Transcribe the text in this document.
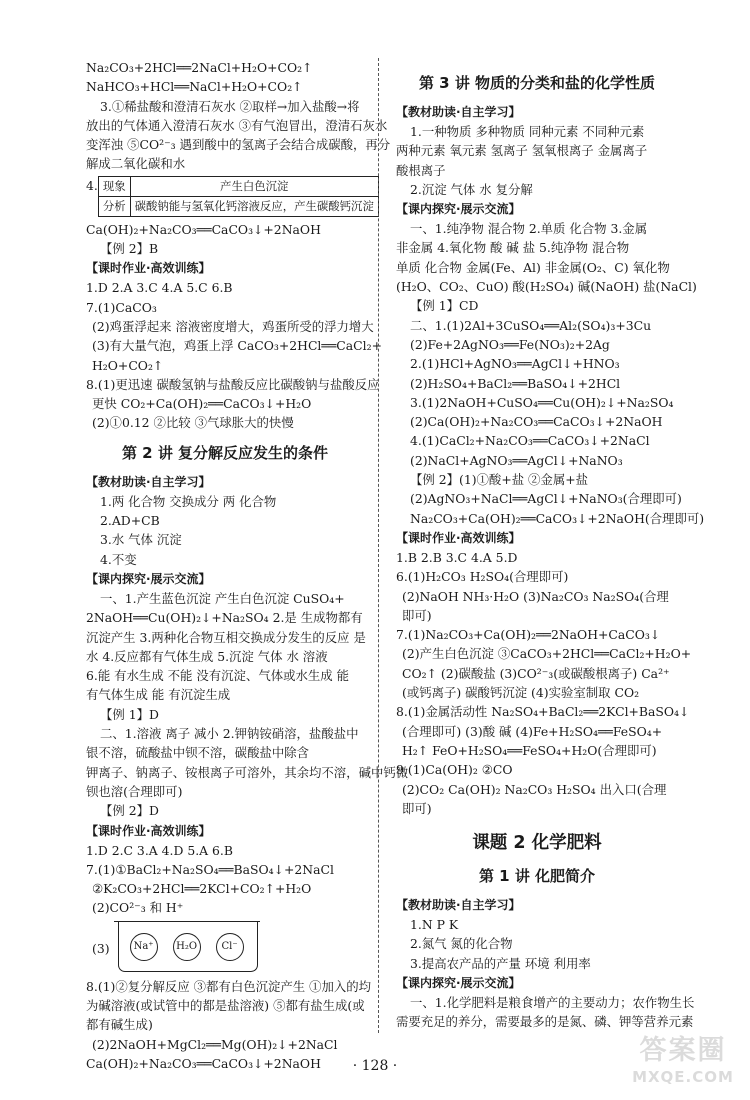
Na₂CO₃+2HCl══2NaCl+H₂O+CO₂↑
NaHCO₃+HCl══NaCl+H₂O+CO₂↑
3.①稀盐酸和澄清石灰水 ②取样→加入盐酸→将
放出的气体通入澄清石灰水 ③有气泡冒出，澄清石灰水
变浑浊 ⑤CO²⁻₃ 遇到酸中的氢离子会结合成碳酸，再分
解成二氧化碳和水
4. 现象	产生白色沉淀
分析	碳酸钠能与氢氧化钙溶液反应，产生碳酸钙沉淀
Ca(OH)₂+Na₂CO₃══CaCO₃↓+2NaOH
【例 2】B
【课时作业·高效训练】
1.D 2.A 3.C 4.A 5.C 6.B
7.(1)CaCO₃
(2)鸡蛋浮起来 溶液密度增大，鸡蛋所受的浮力增大
(3)有大量气泡，鸡蛋上浮 CaCO₃+2HCl══CaCl₂+
H₂O+CO₂↑
8.(1)更迅速 碳酸氢钠与盐酸反应比碳酸钠与盐酸反应
更快 CO₂+Ca(OH)₂══CaCO₃↓+H₂O
(2)①0.12 ②比较 ③气球胀大的快慢
第 2 讲 复分解反应发生的条件
【教材助读·自主学习】
1.两 化合物 交换成分 两 化合物
2.AD+CB
3.水 气体 沉淀
4.不变
【课内探究·展示交流】
一、1.产生蓝色沉淀 产生白色沉淀 CuSO₄+
2NaOH══Cu(OH)₂↓+Na₂SO₄ 2.是 生成物都有
沉淀产生 3.两种化合物互相交换成分发生的反应 是
水 4.反应都有气体生成 5.沉淀 气体 水 溶液
6.能 有水生成 不能 没有沉淀、气体或水生成 能
有气体生成 能 有沉淀生成
【例 1】D
二、1.溶液 离子 减小 2.钾钠铵硝溶，盐酸盐中
银不溶，硫酸盐中钡不溶，碳酸盐中除含
钾离子、钠离子、铵根离子可溶外，其余均不溶，碱中钙微
钡也溶(合理即可)
【例 2】D
【课时作业·高效训练】
1.D 2.C 3.A 4.D 5.A 6.B
7.(1)①BaCl₂+Na₂SO₄══BaSO₄↓+2NaCl
②K₂CO₃+2HCl══2KCl+CO₂↑+H₂O
(2)CO²⁻₃ 和 H⁺
(3)	Na⁺	H₂O	Cl⁻
8.(1)②复分解反应 ③都有白色沉淀产生 ①加入的均
为碱溶液(或试管中的都是盐溶液) ⑤都有盐生成(或
都有碱生成)
(2)2NaOH+MgCl₂══Mg(OH)₂↓+2NaCl
Ca(OH)₂+Na₂CO₃══CaCO₃↓+2NaOH
第 3 讲 物质的分类和盐的化学性质
【教材助读·自主学习】
1.一种物质 多种物质 同种元素 不同种元素
两种元素 氧元素 氢离子 氢氧根离子 金属离子
酸根离子
2.沉淀 气体 水 复分解
【课内探究·展示交流】
一、1.纯净物 混合物 2.单质 化合物 3.金属
非金属 4.氧化物 酸 碱 盐 5.纯净物 混合物
单质 化合物 金属(Fe、Al) 非金属(O₂、C) 氧化物
(H₂O、CO₂、CuO) 酸(H₂SO₄) 碱(NaOH) 盐(NaCl)
【例 1】CD
二、1.(1)2Al+3CuSO₄══Al₂(SO₄)₃+3Cu
(2)Fe+2AgNO₃══Fe(NO₃)₂+2Ag
2.(1)HCl+AgNO₃══AgCl↓+HNO₃
(2)H₂SO₄+BaCl₂══BaSO₄↓+2HCl
3.(1)2NaOH+CuSO₄══Cu(OH)₂↓+Na₂SO₄
(2)Ca(OH)₂+Na₂CO₃══CaCO₃↓+2NaOH
4.(1)CaCl₂+Na₂CO₃══CaCO₃↓+2NaCl
(2)NaCl+AgNO₃══AgCl↓+NaNO₃
【例 2】(1)①酸+盐 ②金属+盐
(2)AgNO₃+NaCl══AgCl↓+NaNO₃(合理即可)
Na₂CO₃+Ca(OH)₂══CaCO₃↓+2NaOH(合理即可)
【课时作业·高效训练】
1.B 2.B 3.C 4.A 5.D
6.(1)H₂CO₃ H₂SO₄(合理即可)
(2)NaOH NH₃·H₂O (3)Na₂CO₃ Na₂SO₄(合理
即可)
7.(1)Na₂CO₃+Ca(OH)₂══2NaOH+CaCO₃↓
(2)产生白色沉淀 ③CaCO₃+2HCl══CaCl₂+H₂O+
CO₂↑ (2)碳酸盐 (3)CO²⁻₃(或碳酸根离子) Ca²⁺
(或钙离子) 碳酸钙沉淀 (4)实验室制取 CO₂
8.(1)金属活动性 Na₂SO₄+BaCl₂══2KCl+BaSO₄↓
(合理即可) (3)酸 碱 (4)Fe+H₂SO₄══FeSO₄+
H₂↑ FeO+H₂SO₄══FeSO₄+H₂O(合理即可)
9.(1)Ca(OH)₂ ②CO
(2)CO₂ Ca(OH)₂ Na₂CO₃ H₂SO₄ 出入口(合理
即可)
课题 2 化学肥料
第 1 讲 化肥简介
【教材助读·自主学习】
1.N P K
2.氮气 氮的化合物
3.提高农产品的产量 环境 利用率
【课内探究·展示交流】
一、1.化学肥料是粮食增产的主要动力；农作物生长
需要充足的养分，需要最多的是氮、磷、钾等营养元素
· 128 ·	答案圈
MXQE.COM
